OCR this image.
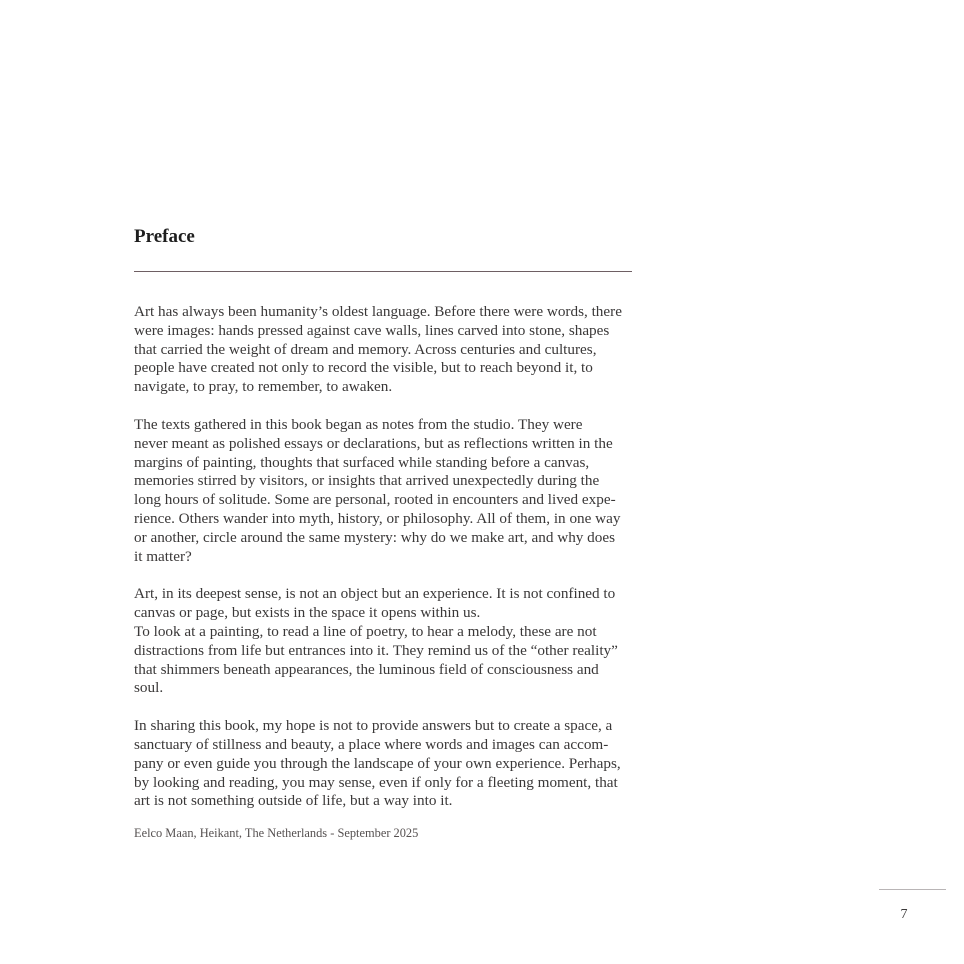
Preface

Art has always been humanity’s oldest language. Before there were words, there
were images: hands pressed against cave walls, lines carved into stone, shapes
that carried the weight of dream and memory. Across centuries and cultures,
people have created not only to record the visible, but to reach beyond it, to
navigate, to pray, to remember, to awaken.

The texts gathered in this book began as notes from the studio. They were
never meant as polished essays or declarations, but as reflections written in the
margins of painting, thoughts that surfaced while standing before a canvas,
memories stirred by visitors, or insights that arrived unexpectedly during the
long hours of solitude. Some are personal, rooted in encounters and lived expe-
rience. Others wander into myth, history, or philosophy. All of them, in one way
or another, circle around the same mystery: why do we make art, and why does
it matter?

Art, in its deepest sense, is not an object but an experience. It is not confined to
canvas or page, but exists in the space it opens within us.
To look at a painting, to read a line of poetry, to hear a melody, these are not
distractions from life but entrances into it. They remind us of the “other reality”
that shimmers beneath appearances, the luminous field of consciousness and
soul.

In sharing this book, my hope is not to provide answers but to create a space, a
sanctuary of stillness and beauty, a place where words and images can accom-
pany or even guide you through the landscape of your own experience. Perhaps,
by looking and reading, you may sense, even if only for a fleeting moment, that
art is not something outside of life, but a way into it.

Eelco Maan, Heikant, The Netherlands - September 2025
7
